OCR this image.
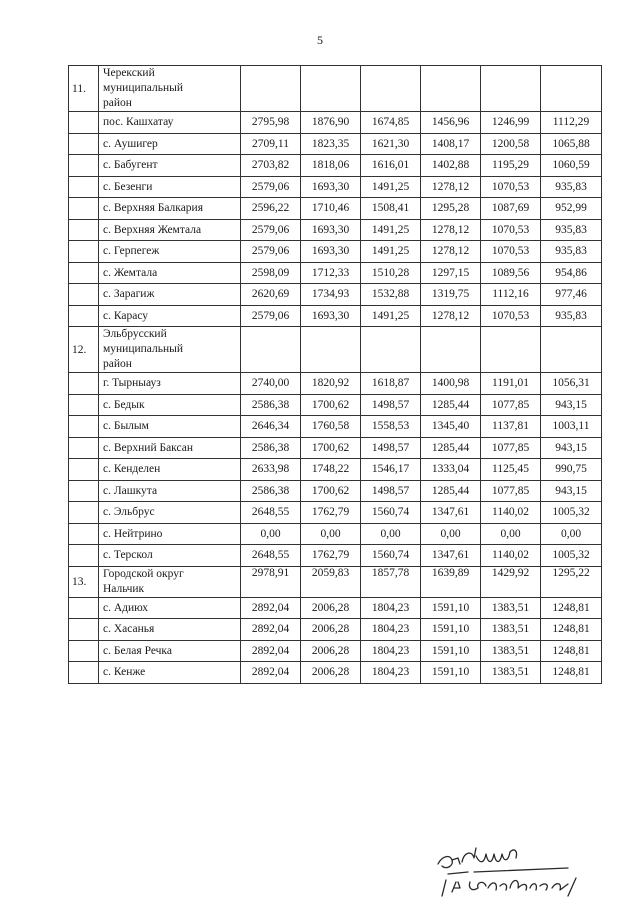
5
11.	Черекский
муниципальный
район						

	пос. Кашхатау	2795,98	1876,90	1674,85	1456,96	1246,99	1112,29
	с. Аушигер	2709,11	1823,35	1621,30	1408,17	1200,58	1065,88
	с. Бабугент	2703,82	1818,06	1616,01	1402,88	1195,29	1060,59
	с. Безенги	2579,06	1693,30	1491,25	1278,12	1070,53	935,83
	с. Верхняя Балкария	2596,22	1710,46	1508,41	1295,28	1087,69	952,99
	с. Верхняя Жемтала	2579,06	1693,30	1491,25	1278,12	1070,53	935,83
	с. Герпегеж	2579,06	1693,30	1491,25	1278,12	1070,53	935,83
	с. Жемтала	2598,09	1712,33	1510,28	1297,15	1089,56	954,86
	с. Зарагиж	2620,69	1734,93	1532,88	1319,75	1112,16	977,46
	с. Карасу	2579,06	1693,30	1491,25	1278,12	1070,53	935,83
12.	Эльбрусский
муниципальный
район						

	г. Тырныауз	2740,00	1820,92	1618,87	1400,98	1191,01	1056,31
	с. Бедык	2586,38	1700,62	1498,57	1285,44	1077,85	943,15
	с. Былым	2646,34	1760,58	1558,53	1345,40	1137,81	1003,11
	с. Верхний Баксан	2586,38	1700,62	1498,57	1285,44	1077,85	943,15
	с. Кенделен	2633,98	1748,22	1546,17	1333,04	1125,45	990,75
	с. Лашкута	2586,38	1700,62	1498,57	1285,44	1077,85	943,15
	с. Эльбрус	2648,55	1762,79	1560,74	1347,61	1140,02	1005,32
	с. Нейтрино	0,00	0,00	0,00	0,00	0,00	0,00
	с. Терскол	2648,55	1762,79	1560,74	1347,61	1140,02	1005,32
13.	Городской округ
Нальчик	2978,91	2059,83	1857,78	1639,89	1429,92	1295,22
	с. Адиюх	2892,04	2006,28	1804,23	1591,10	1383,51	1248,81
	с. Хасанья	2892,04	2006,28	1804,23	1591,10	1383,51	1248,81
	с. Белая Речка	2892,04	2006,28	1804,23	1591,10	1383,51	1248,81
	с. Кенже	2892,04	2006,28	1804,23	1591,10	1383,51	1248,81
